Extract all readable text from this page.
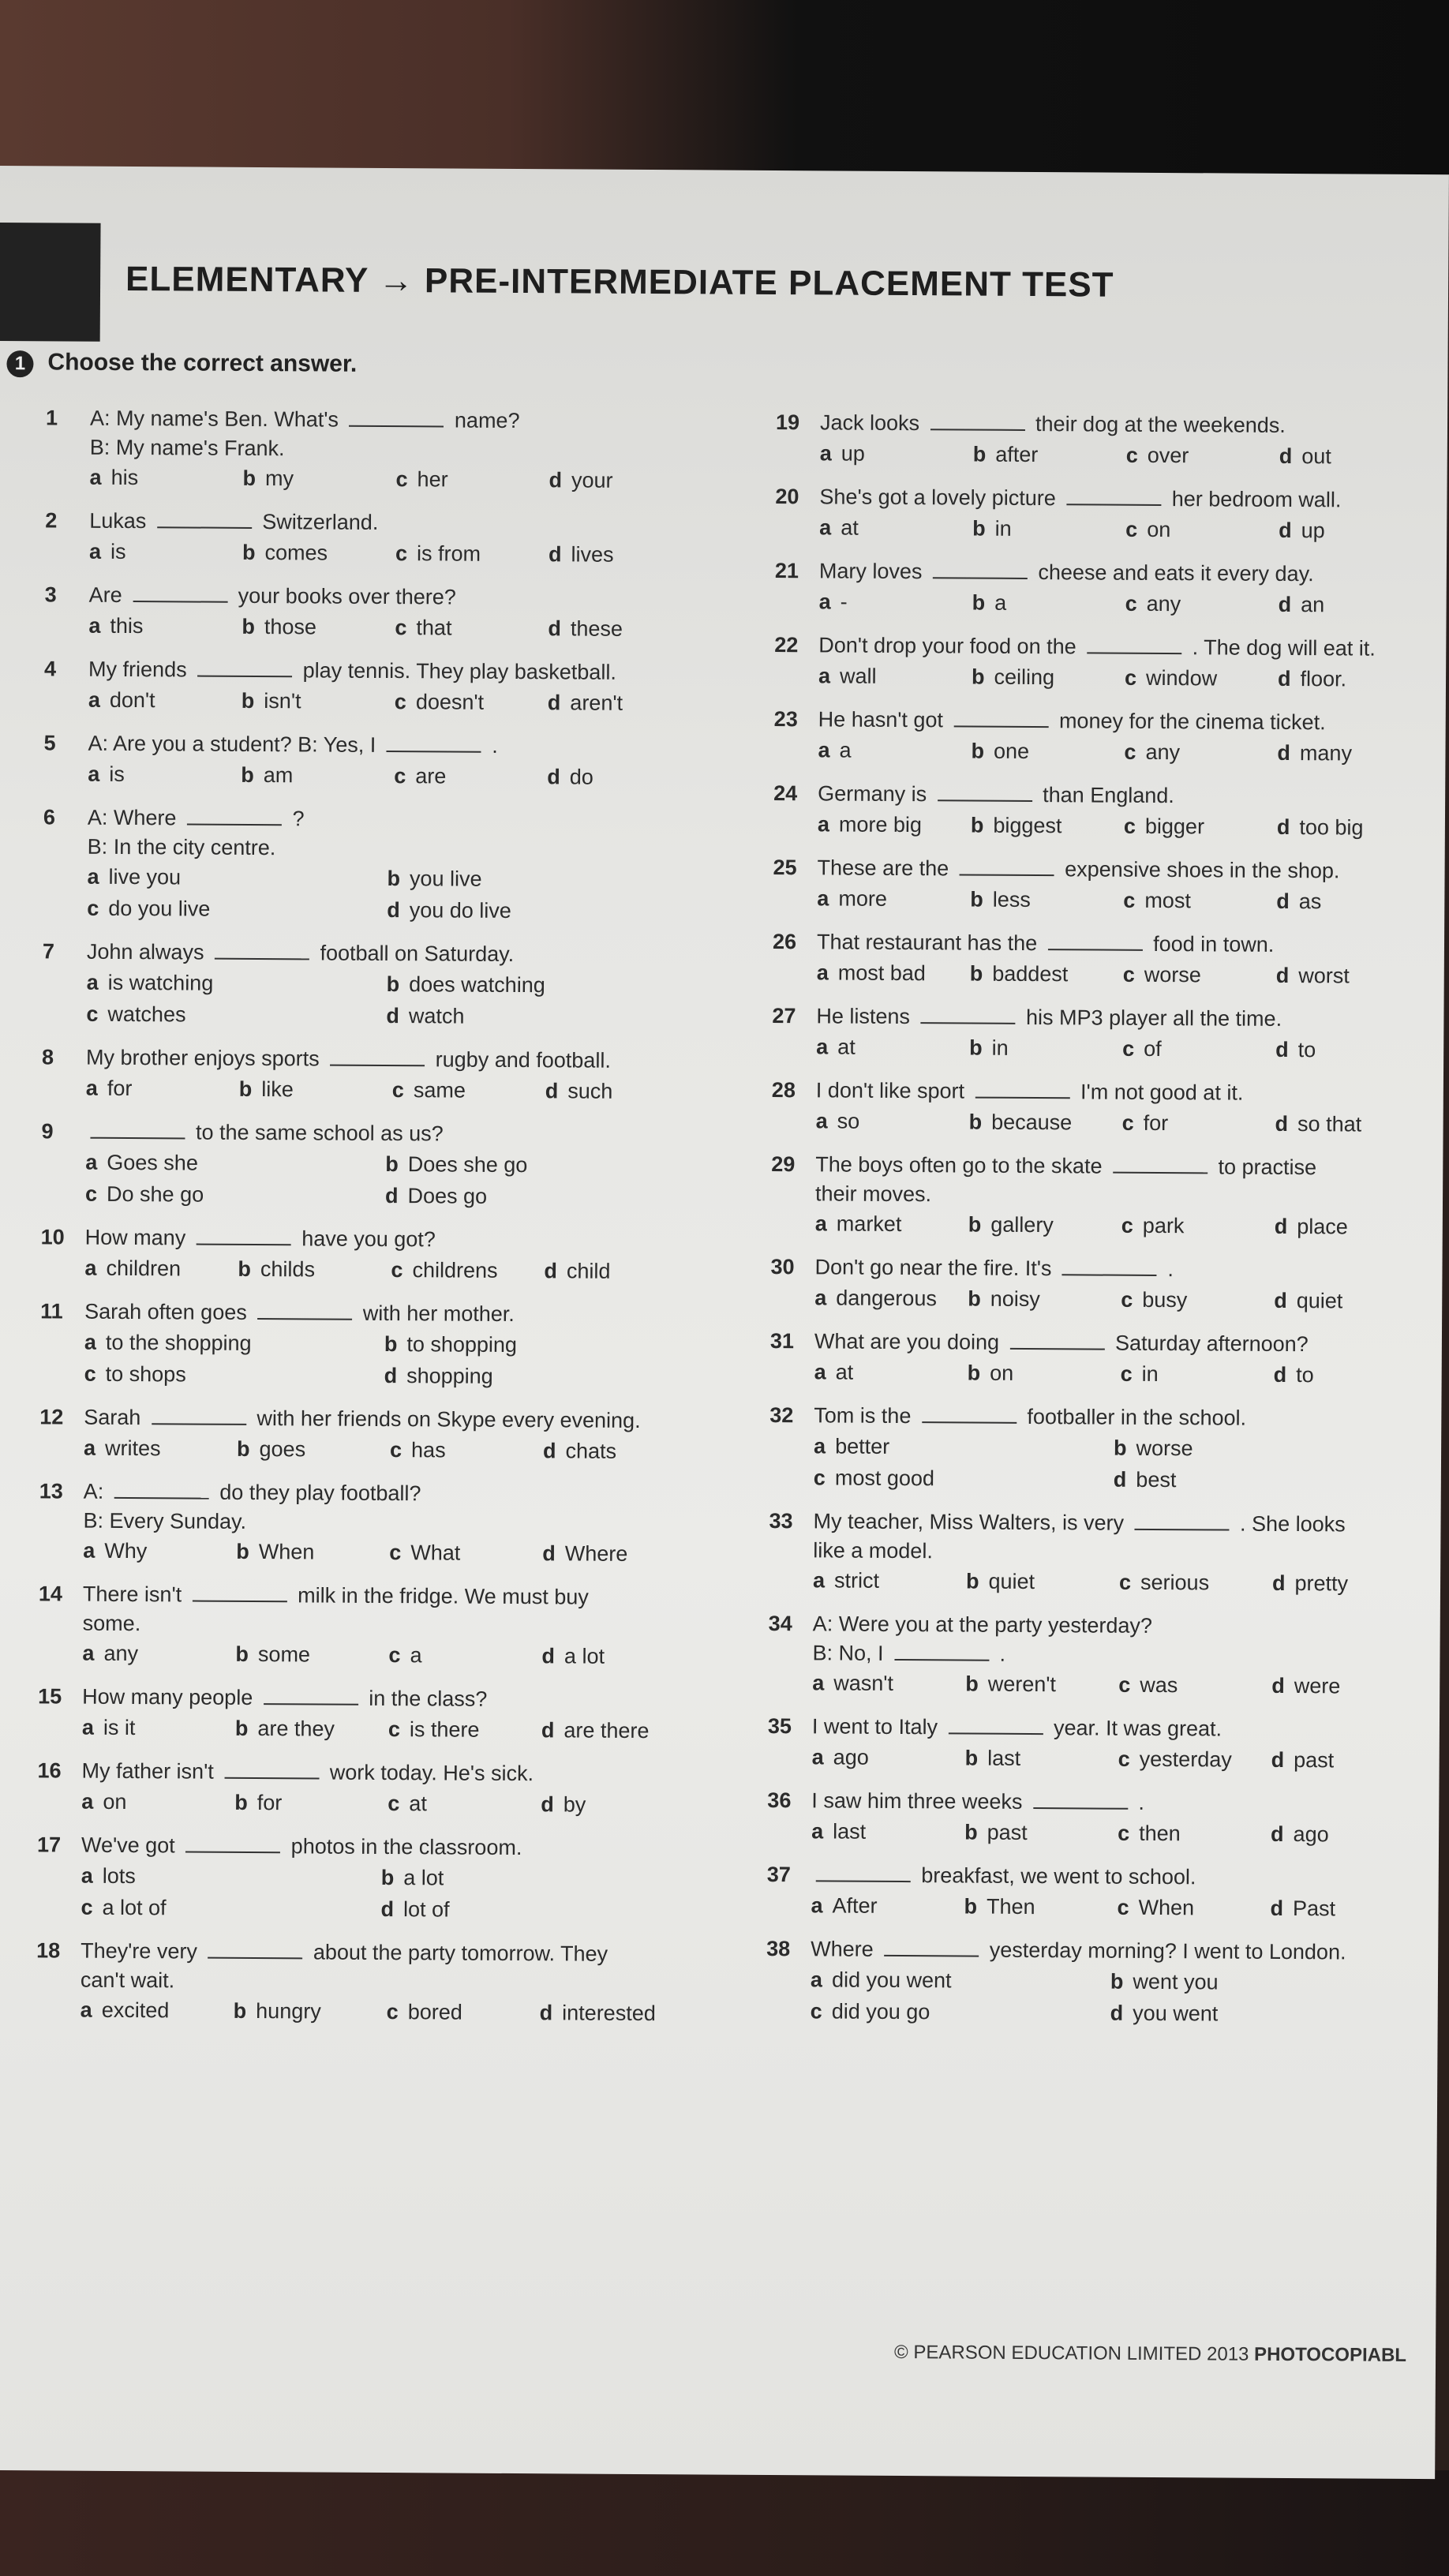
ELEMENTARY → PRE-INTERMEDIATE PLACEMENT TEST
1 Choose the correct answer.
1 A: My name's Ben. What's	name?
B: My name's Frank.
a his	b my	c her	d your
2 Lukas	Switzerland.
a is	b comes	c is from	d lives
3 Are	your books over there?
a this	b those	c that	d these
4 My friends	play tennis. They play basketball.
a don't	b isn't	c doesn't	d aren't
5 A: Are you a student? B: Yes, I	.
a is	b am	c are	d do
6 A: Where	?
B: In the city centre.
a live you	b you live
c do you live	d you do live
7 John always	football on Saturday.
a is watching	b does watching
c watches	d watch
8 My brother enjoys sports	rugby and football.
a for	b like	c same	d such
9	to the same school as us?
a Goes she	b Does she go
c Do she go	d Does go
10 How many	have you got?
a children	b childs	c childrens	d child
11 Sarah often goes	with her mother.
a to the shopping	b to shopping
c to shops	d shopping
12 Sarah	with her friends on Skype every evening.
a writes	b goes	c has	d chats
13 A:	do they play football?
B: Every Sunday.
a Why	b When	c What	d Where
14 There isn't	milk in the fridge. We must buy
some.
a any	b some	c a	d a lot
15 How many people	in the class?
a is it	b are they	c is there	d are there
16 My father isn't	work today. He's sick.
a on	b for	c at	d by
17 We've got	photos in the classroom.
a lots	b a lot
c a lot of	d lot of
18 They're very	about the party tomorrow. They
can't wait.
a excited	b hungry	c bored	d interested
19 Jack looks	their dog at the weekends.
a up	b after	c over	d out
20 She's got a lovely picture	her bedroom wall.
a at	b in	c on	d up
21 Mary loves	cheese and eats it every day.
a -	b a	c any	d an
22 Don't drop your food on the	. The dog will eat it.
a wall	b ceiling	c window	d floor.
23 He hasn't got	money for the cinema ticket.
a a	b one	c any	d many
24 Germany is	than England.
a more big	b biggest	c bigger	d too big
25 These are the	expensive shoes in the shop.
a more	b less	c most	d as
26 That restaurant has the	food in town.
a most bad	b baddest	c worse	d worst
27 He listens	his MP3 player all the time.
a at	b in	c of	d to
28 I don't like sport	I'm not good at it.
a so	b because	c for	d so that
29 The boys often go to the skate	to practise
their moves.
a market	b gallery	c park	d place
30 Don't go near the fire. It's	.
a dangerous	b noisy	c busy	d quiet
31 What are you doing	Saturday afternoon?
a at	b on	c in	d to
32 Tom is the	footballer in the school.
a better	b worse
c most good	d best
33 My teacher, Miss Walters, is very	. She looks
like a model.
a strict	b quiet	c serious	d pretty
34 A: Were you at the party yesterday?
B: No, I	.
a wasn't	b weren't	c was	d were
35 I went to Italy	year. It was great.
a ago	b last	c yesterday	d past
36 I saw him three weeks	.
a last	b past	c then	d ago
37	breakfast, we went to school.
a After	b Then	c When	d Past
38 Where	yesterday morning? I went to London.
a did you went	b went you
c did you go	d you went
© PEARSON EDUCATION LIMITED 2013 PHOTOCOPIABL
